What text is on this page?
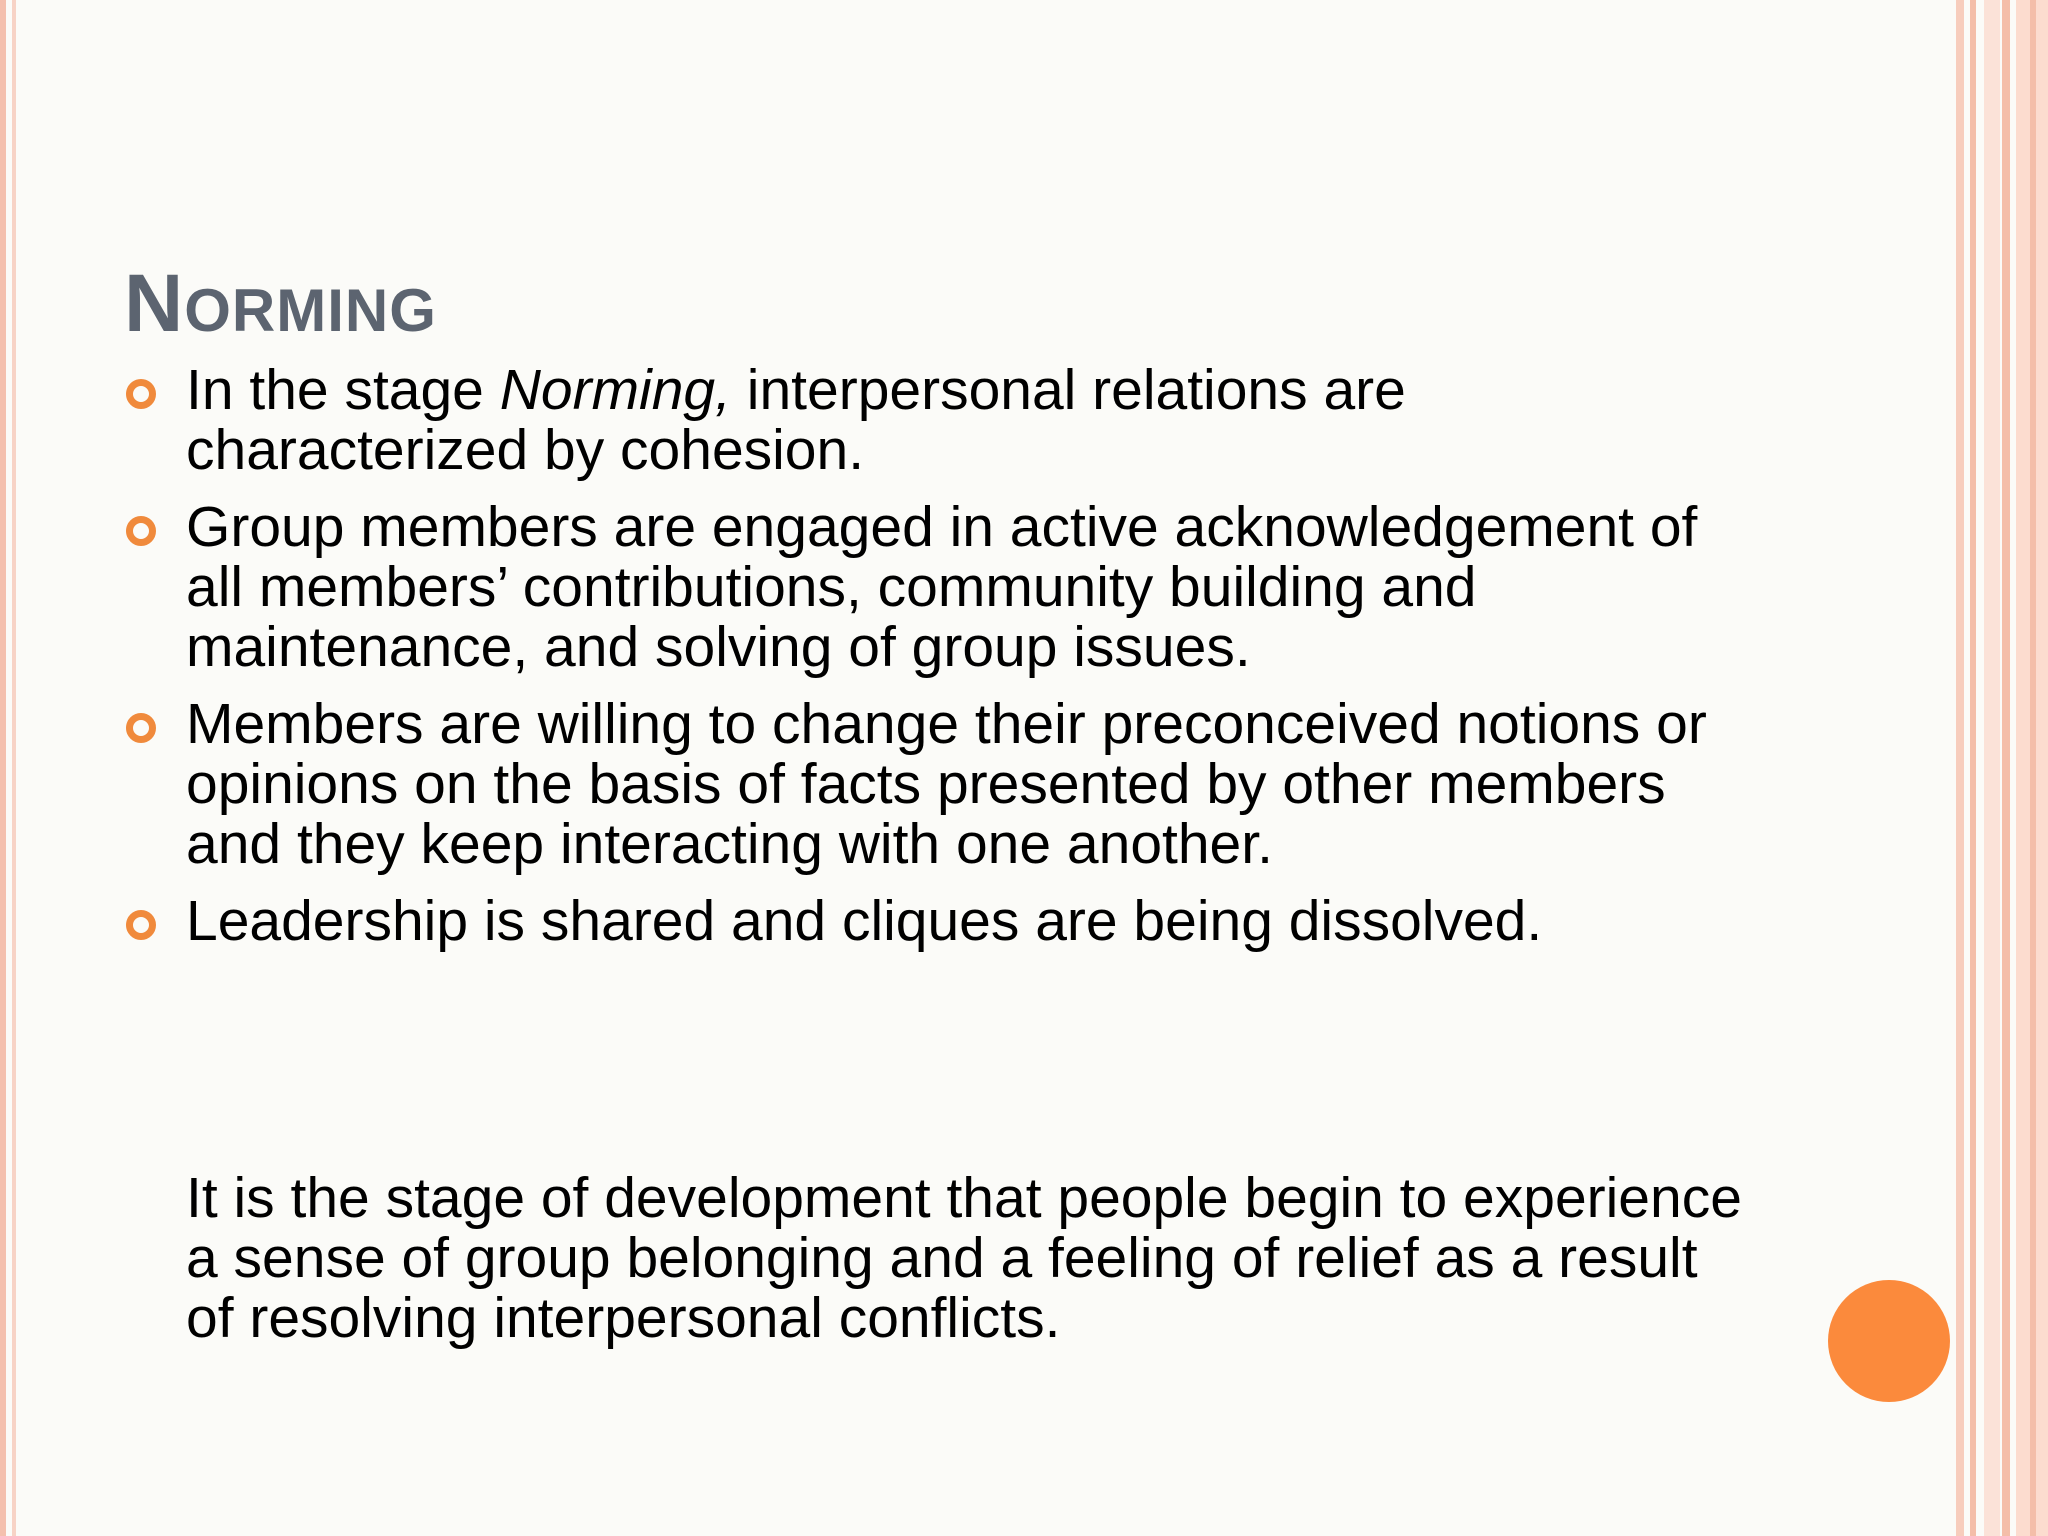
NORMING
In the stage Norming, interpersonal relations are characterized by cohesion.
Group members are engaged in active acknowledgement of all members’ contributions, community building and maintenance, and solving of group issues.
Members are willing to change their preconceived notions or opinions on the basis of facts presented by other members and they keep interacting with one another.
Leadership is shared and cliques are being dissolved.

It is the stage of development that people begin to experience a sense of group belonging and a feeling of relief as a result of resolving interpersonal conflicts.
